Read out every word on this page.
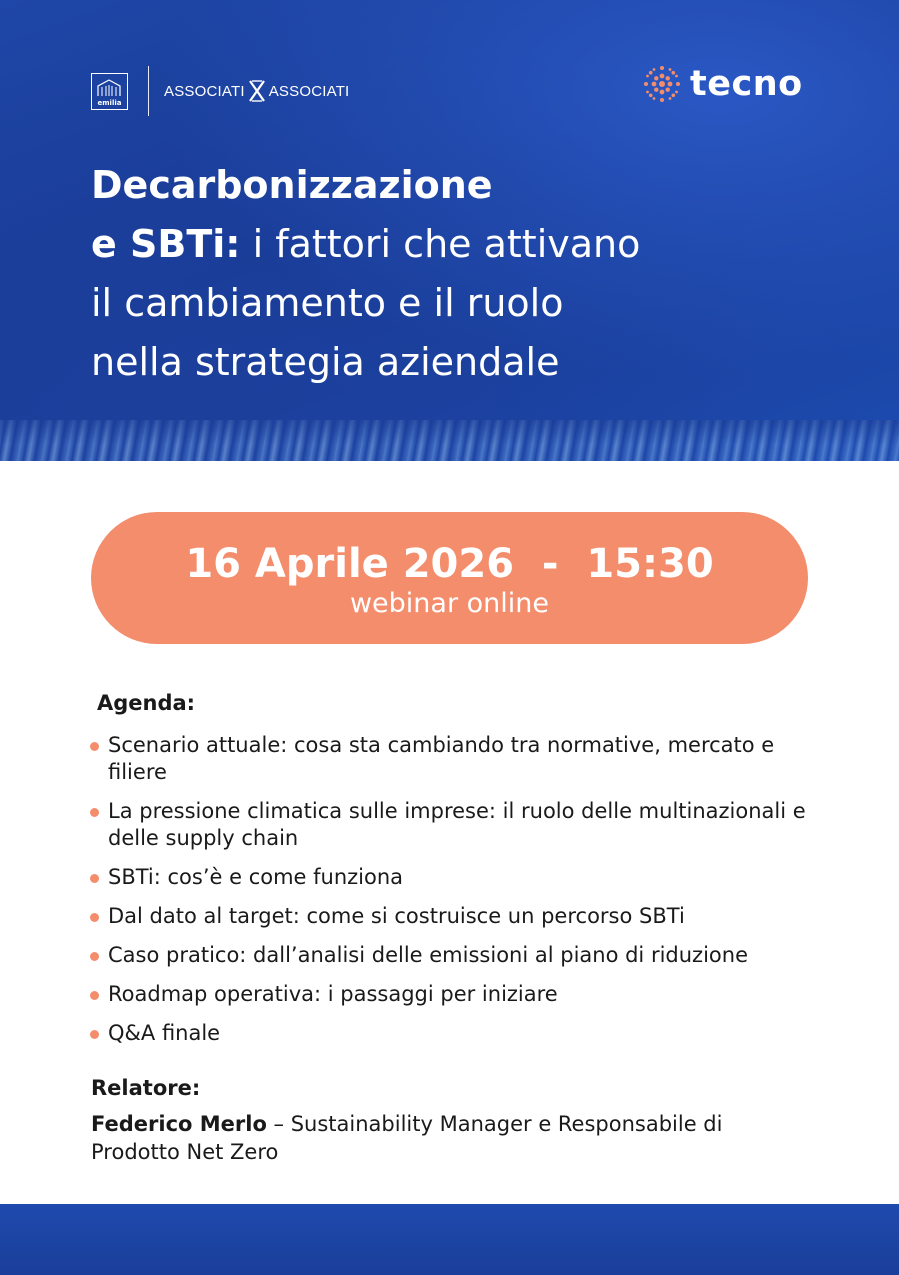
emilia
ASSOCIATI ASSOCIATI	tecno
Decarbonizzazione
e SBTi: i fattori che attivano
il cambiamento e il ruolo
nella strategia aziendale
16 Aprile 2026  -  15:30
webinar online
Agenda:
Scenario attuale: cosa sta cambiando tra normative, mercato e filiere
La pressione climatica sulle imprese: il ruolo delle multinazionali e delle supply chain
SBTi: cos’è e come funziona
Dal dato al target: come si costruisce un percorso SBTi
Caso pratico: dall’analisi delle emissioni al piano di riduzione
Roadmap operativa: i passaggi per iniziare
Q&A finale
Relatore:
Federico Merlo – Sustainability Manager e Responsabile di Prodotto Net Zero
